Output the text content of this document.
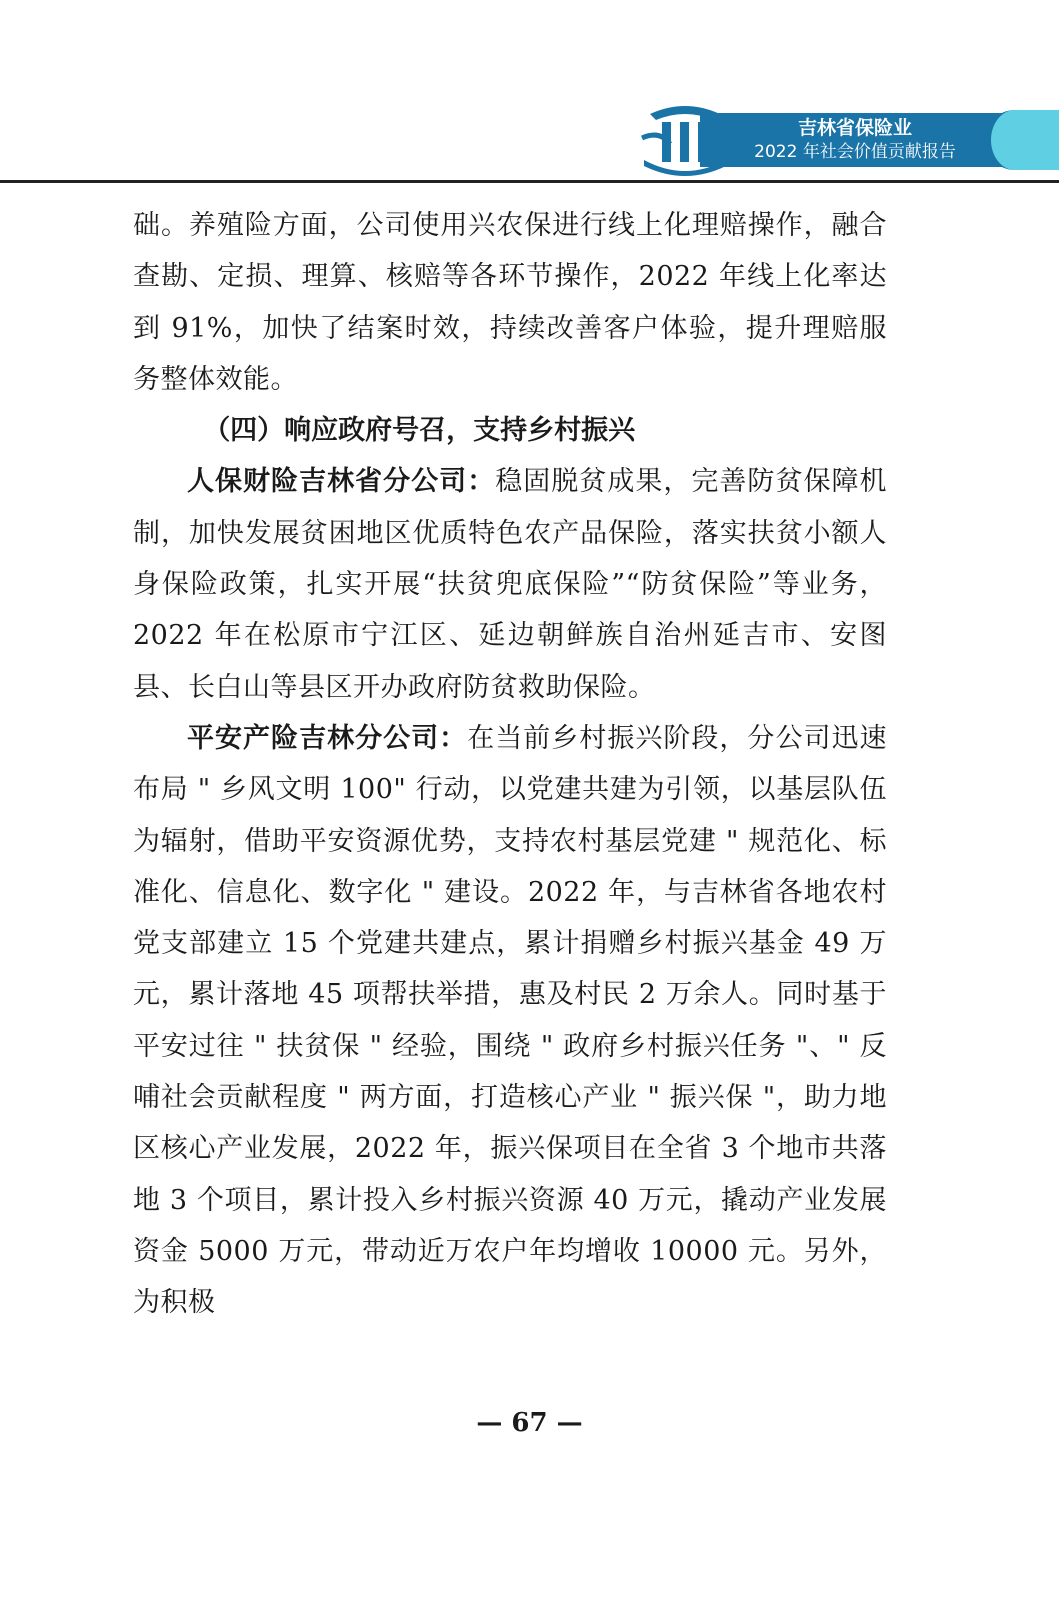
吉林省保险业
2022 年社会价值贡献报告

础。养殖险方面，公司使用兴农保进行线上化理赔操作，融合查勘、定损、理算、核赔等各环节操作，2022 年线上化率达到 91%，加快了结案时效，持续改善客户体验，提升理赔服务整体效能。

（四）响应政府号召，支持乡村振兴

人保财险吉林省分公司：稳固脱贫成果，完善防贫保障机制，加快发展贫困地区优质特色农产品保险，落实扶贫小额人身保险政策，扎实开展“扶贫兜底保险”“防贫保险”等业务，2022 年在松原市宁江区、延边朝鲜族自治州延吉市、安图县、长白山等县区开办政府防贫救助保险。

平安产险吉林分公司：在当前乡村振兴阶段，分公司迅速布局 " 乡风文明 100" 行动，以党建共建为引领，以基层队伍为辐射，借助平安资源优势，支持农村基层党建 " 规范化、标准化、信息化、数字化 " 建设。2022 年，与吉林省各地农村党支部建立 15 个党建共建点，累计捐赠乡村振兴基金 49 万元，累计落地 45 项帮扶举措，惠及村民 2 万余人。同时基于平安过往 " 扶贫保 " 经验，围绕 " 政府乡村振兴任务 "、" 反哺社会贡献程度 " 两方面，打造核心产业 " 振兴保 "，助力地区核心产业发展，2022 年，振兴保项目在全省 3 个地市共落地 3 个项目，累计投入乡村振兴资源 40 万元，撬动产业发展资金 5000 万元，带动近万农户年均增收 10000 元。另外，为积极

— 67 —
